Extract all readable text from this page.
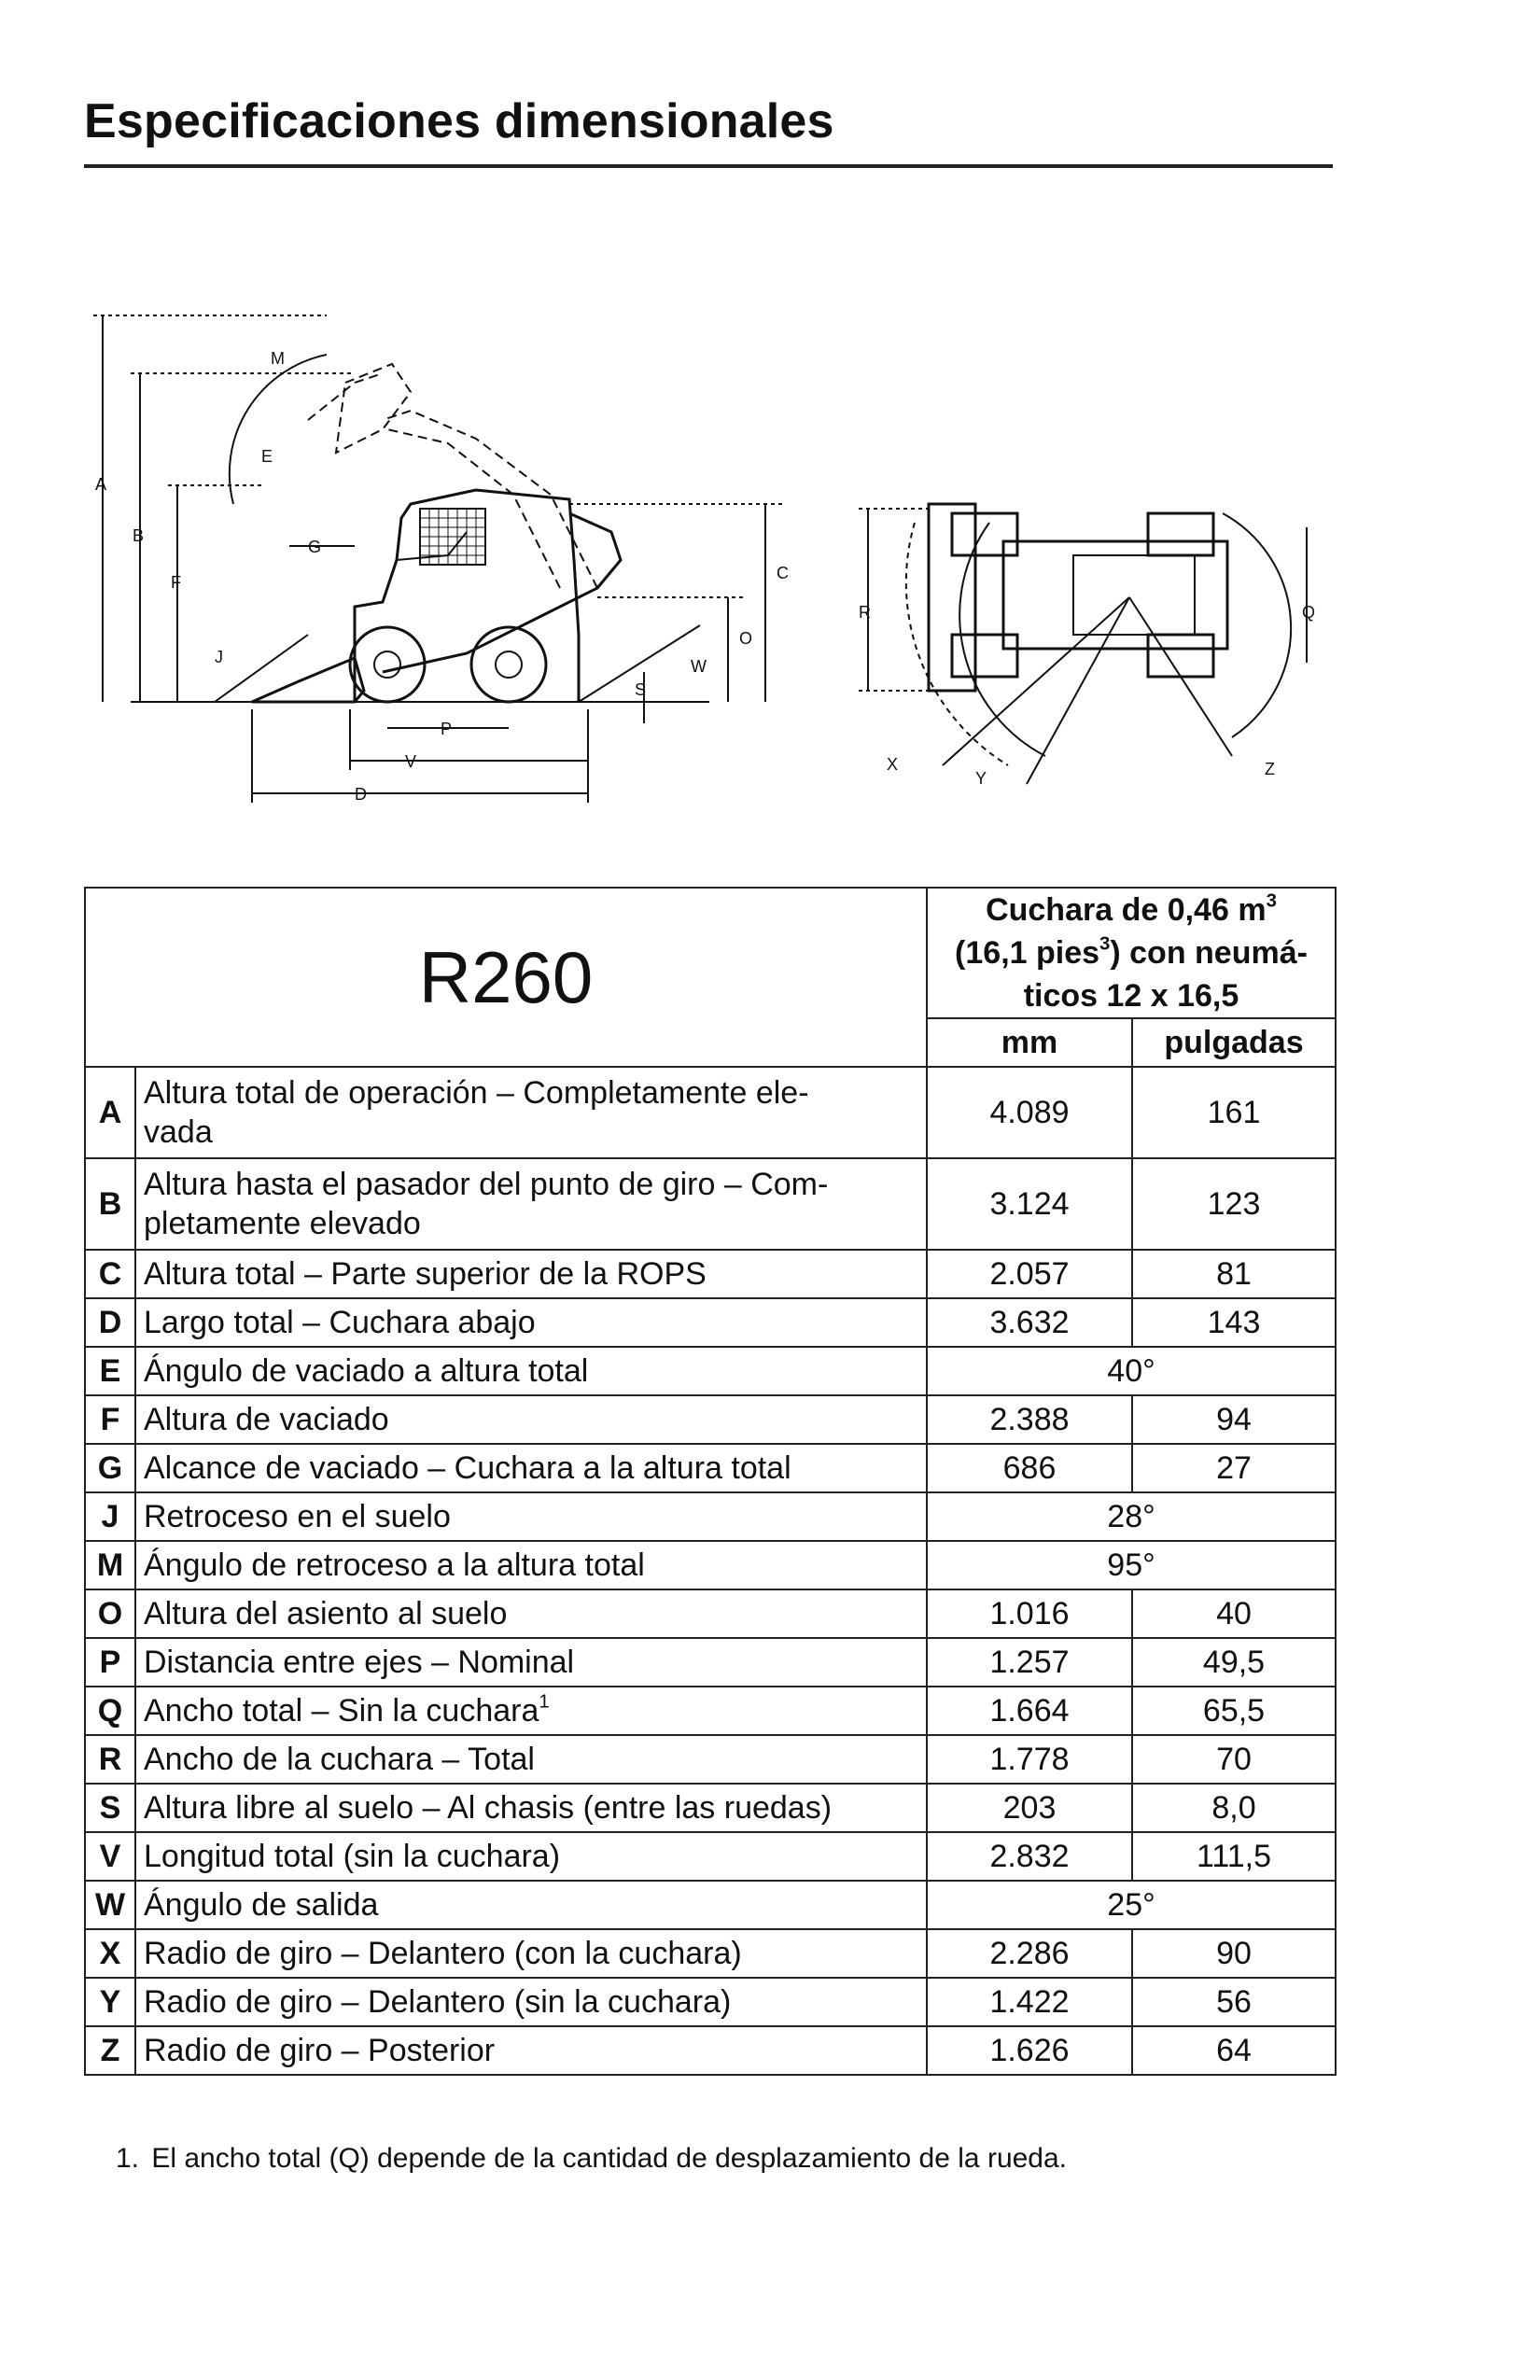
Especificaciones dimensionales
A
B
F
E
M
G
J
C
O
W
S
P
V
D
R	Q
X
Y	Z
R260		Cuchara de 0,46 $m^3$
(16,1 pies$^3$) con neumá-
ticos 12 x 16,5	
		mm	pulgadas
A	Altura total de operación – Completamente ele-
vada	4.089	161
B	Altura hasta el pasador del punto de giro – Com-
pletamente elevado	3.124	123
C	Altura total – Parte superior de la ROPS	2.057	81
D	Largo total – Cuchara abajo	3.632	143
E	Ángulo de vaciado a altura total	40°	
F	Altura de vaciado	2.388	94
G	Alcance de vaciado – Cuchara a la altura total	686	27
J	Retroceso en el suelo	28°	
M	Ángulo de retroceso a la altura total	95°	
O	Altura del asiento al suelo	1.016	40
P	Distancia entre ejes – Nominal	1.257	49,5
Q	Ancho total – Sin la cuchara$^1$	1.664	65,5
R	Ancho de la cuchara – Total	1.778	70
S	Altura libre al suelo – Al chasis (entre las ruedas)	203	8,0
V	Longitud total (sin la cuchara)	2.832	111,5
W	Ángulo de salida	25°	
X	Radio de giro – Delantero (con la cuchara)	2.286	90
Y	Radio de giro – Delantero (sin la cuchara)	1.422	56
Z	Radio de giro – Posterior	1.626	64
1. El ancho total (Q) depende de la cantidad de desplazamiento de la rueda.
